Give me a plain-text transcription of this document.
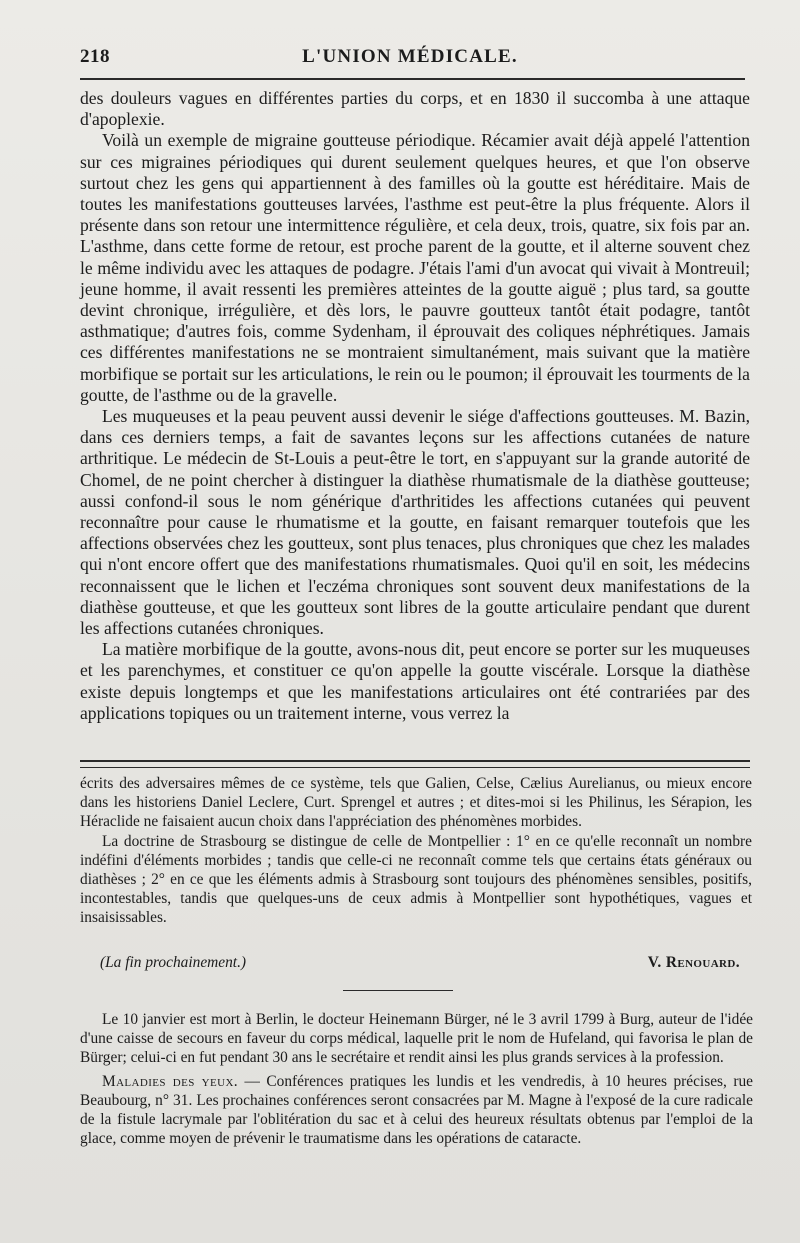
218	L'UNION MÉDICALE.

des douleurs vagues en différentes parties du corps, et en 1830 il succomba à une attaque d'apoplexie.

Voilà un exemple de migraine goutteuse périodique. Récamier avait déjà appelé l'attention sur ces migraines périodiques qui durent seulement quelques heures, et que l'on observe surtout chez les gens qui appartiennent à des familles où la goutte est héréditaire. Mais de toutes les manifestations goutteuses larvées, l'asthme est peut-être la plus fréquente. Alors il présente dans son retour une intermittence régulière, et cela deux, trois, quatre, six fois par an. L'asthme, dans cette forme de retour, est proche parent de la goutte, et il alterne souvent chez le même individu avec les attaques de podagre. J'étais l'ami d'un avocat qui vivait à Montreuil; jeune homme, il avait ressenti les premières atteintes de la goutte aiguë ; plus tard, sa goutte devint chronique, irrégulière, et dès lors, le pauvre goutteux tantôt était podagre, tantôt asthmatique; d'autres fois, comme Sydenham, il éprouvait des coliques néphrétiques. Jamais ces différentes manifestations ne se montraient simultanément, mais suivant que la matière morbifique se portait sur les articulations, le rein ou le poumon; il éprouvait les tourments de la goutte, de l'asthme ou de la gravelle.

Les muqueuses et la peau peuvent aussi devenir le siége d'affections goutteuses. M. Bazin, dans ces derniers temps, a fait de savantes leçons sur les affections cutanées de nature arthritique. Le médecin de St-Louis a peut-être le tort, en s'appuyant sur la grande autorité de Chomel, de ne point chercher à distinguer la diathèse rhumatismale de la diathèse goutteuse; aussi confond-il sous le nom générique d'arthritides les affections cutanées qui peuvent reconnaître pour cause le rhumatisme et la goutte, en faisant remarquer toutefois que les affections observées chez les goutteux, sont plus tenaces, plus chroniques que chez les malades qui n'ont encore offert que des manifestations rhumatismales. Quoi qu'il en soit, les médecins reconnaissent que le lichen et l'eczéma chroniques sont souvent deux manifestations de la diathèse goutteuse, et que les goutteux sont libres de la goutte articulaire pendant que durent les affections cutanées chroniques.

La matière morbifique de la goutte, avons-nous dit, peut encore se porter sur les muqueuses et les parenchymes, et constituer ce qu'on appelle la goutte viscérale. Lorsque la diathèse existe depuis longtemps et que les manifestations articulaires ont été contrariées par des applications topiques ou un traitement interne, vous verrez la

écrits des adversaires mêmes de ce système, tels que Galien, Celse, Cælius Aurelianus, ou mieux encore dans les historiens Daniel Leclere, Curt. Sprengel et autres ; et dites-moi si les Philinus, les Sérapion, les Héraclide ne faisaient aucun choix dans l'appréciation des phénomènes morbides.

La doctrine de Strasbourg se distingue de celle de Montpellier : 1° en ce qu'elle reconnaît un nombre indéfini d'éléments morbides ; tandis que celle-ci ne reconnaît comme tels que certains états généraux ou diathèses ; 2° en ce que les éléments admis à Strasbourg sont toujours des phénomènes sensibles, positifs, incontestables, tandis que quelques-uns de ceux admis à Montpellier sont hypothétiques, vagues et insaisissables.

(La fin prochainement.)	V. Renouard.

Le 10 janvier est mort à Berlin, le docteur Heinemann Bürger, né le 3 avril 1799 à Burg, auteur de l'idée d'une caisse de secours en faveur du corps médical, laquelle prit le nom de Hufeland, qui favorisa le plan de Bürger; celui-ci en fut pendant 30 ans le secrétaire et rendit ainsi les plus grands services à la profession.

Maladies des yeux. — Conférences pratiques les lundis et les vendredis, à 10 heures précises, rue Beaubourg, n° 31. Les prochaines conférences seront consacrées par M. Magne à l'exposé de la cure radicale de la fistule lacrymale par l'oblitération du sac et à celui des heureux résultats obtenus par l'emploi de la glace, comme moyen de prévenir le traumatisme dans les opérations de cataracte.
